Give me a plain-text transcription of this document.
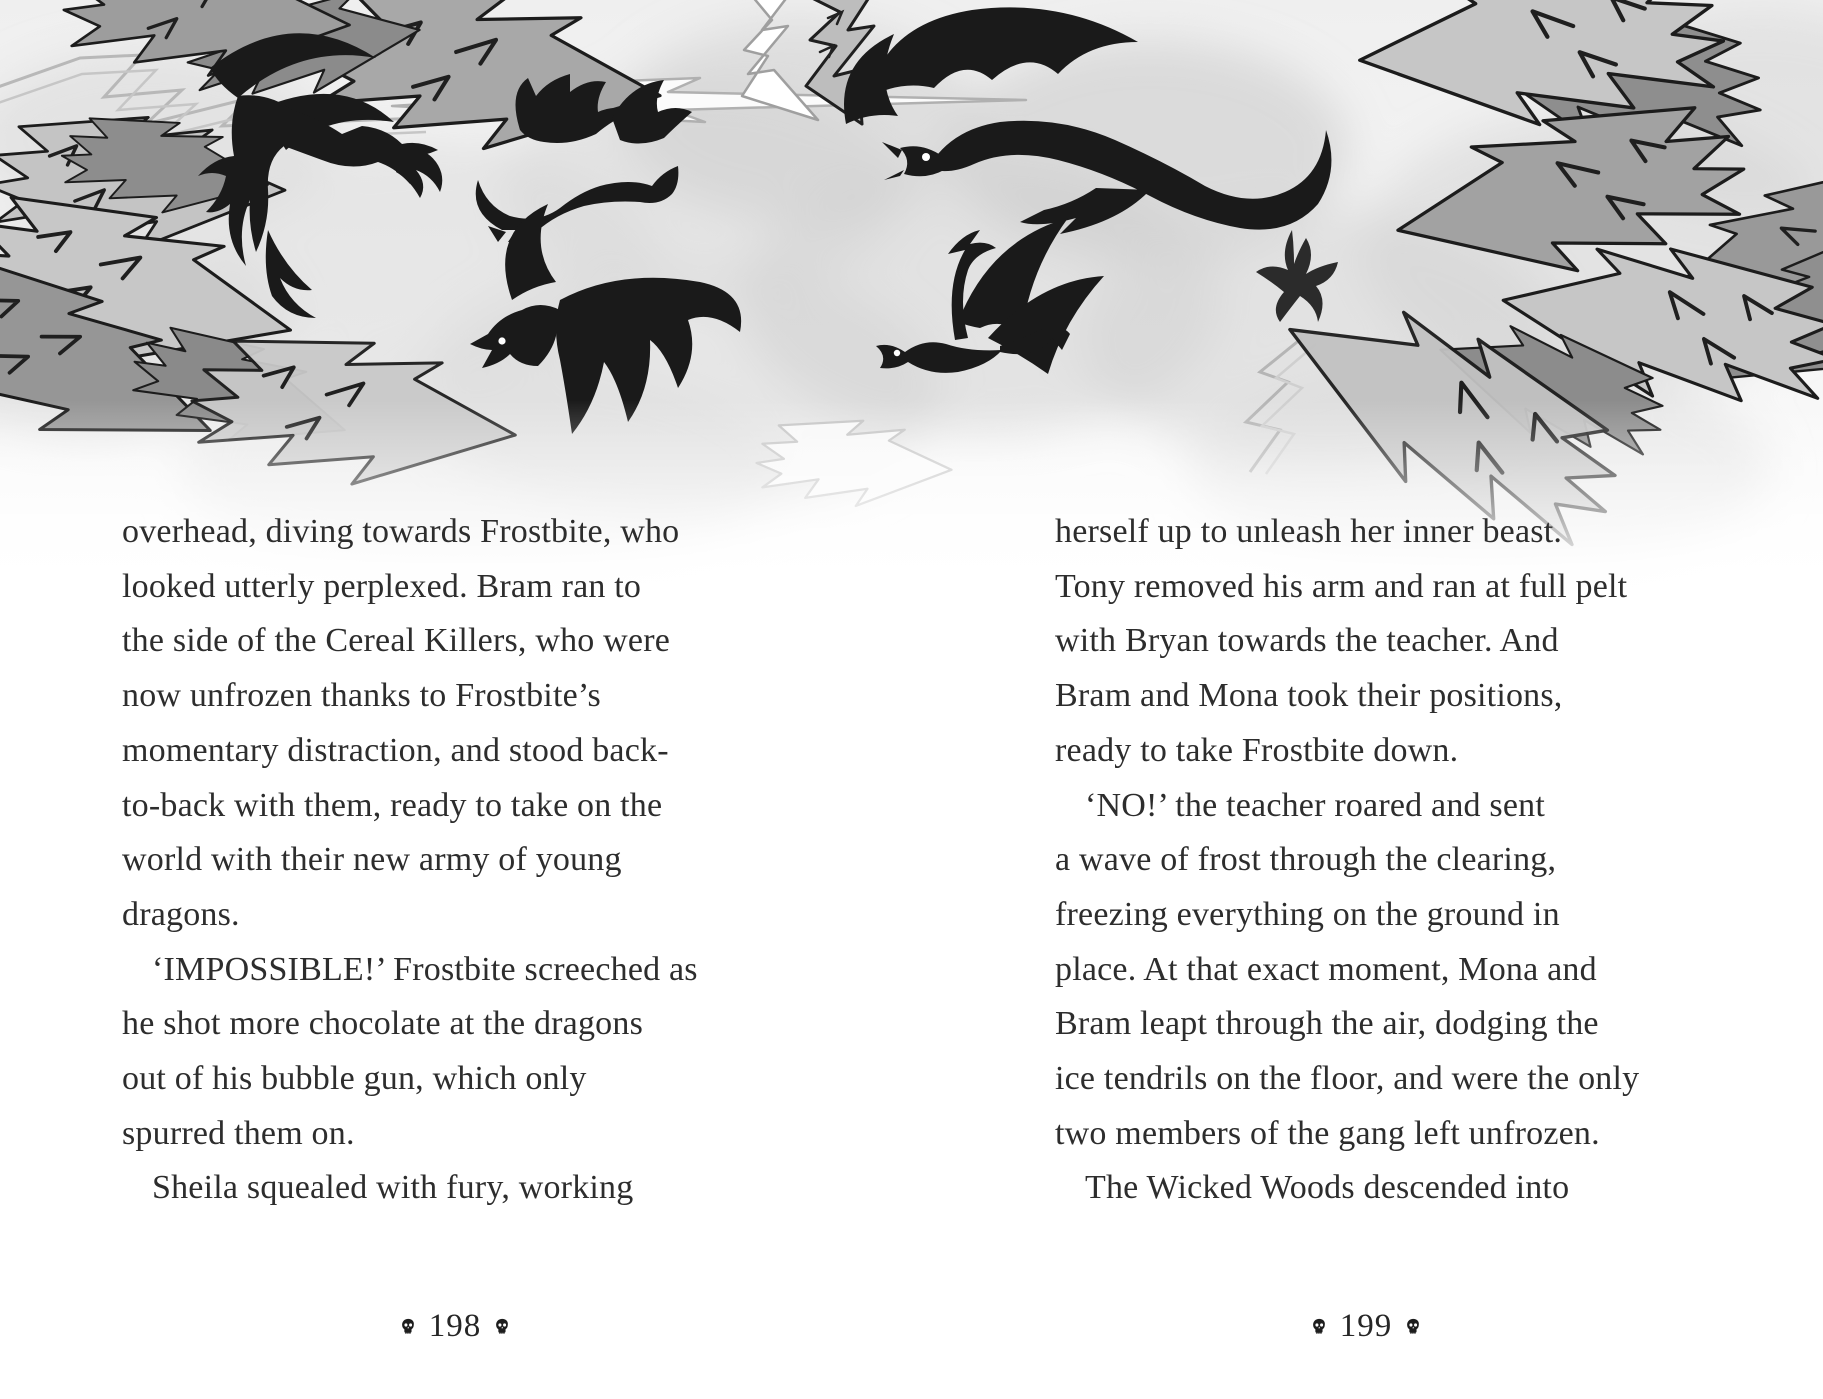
overhead, diving towards Frostbite, who

looked utterly perplexed. Bram ran to

the side of the Cereal Killers, who were

now unfrozen thanks to Frostbite’s

momentary distraction, and stood back-

to-back with them, ready to take on the

world with their new army of young

dragons.

‘IMPOSSIBLE!’ Frostbite screeched as

he shot more chocolate at the dragons

out of his bubble gun, which only

spurred them on.

Sheila squealed with fury, working

herself up to unleash her inner beast.

Tony removed his arm and ran at full pelt

with Bryan towards the teacher. And

Bram and Mona took their positions,

ready to take Frostbite down.

‘NO!’ the teacher roared and sent

a wave of frost through the clearing,

freezing everything on the ground in

place. At that exact moment, Mona and

Bram leapt through the air, dodging the

ice tendrils on the floor, and were the only

two members of the gang left unfrozen.

The Wicked Woods descended into

198	199
